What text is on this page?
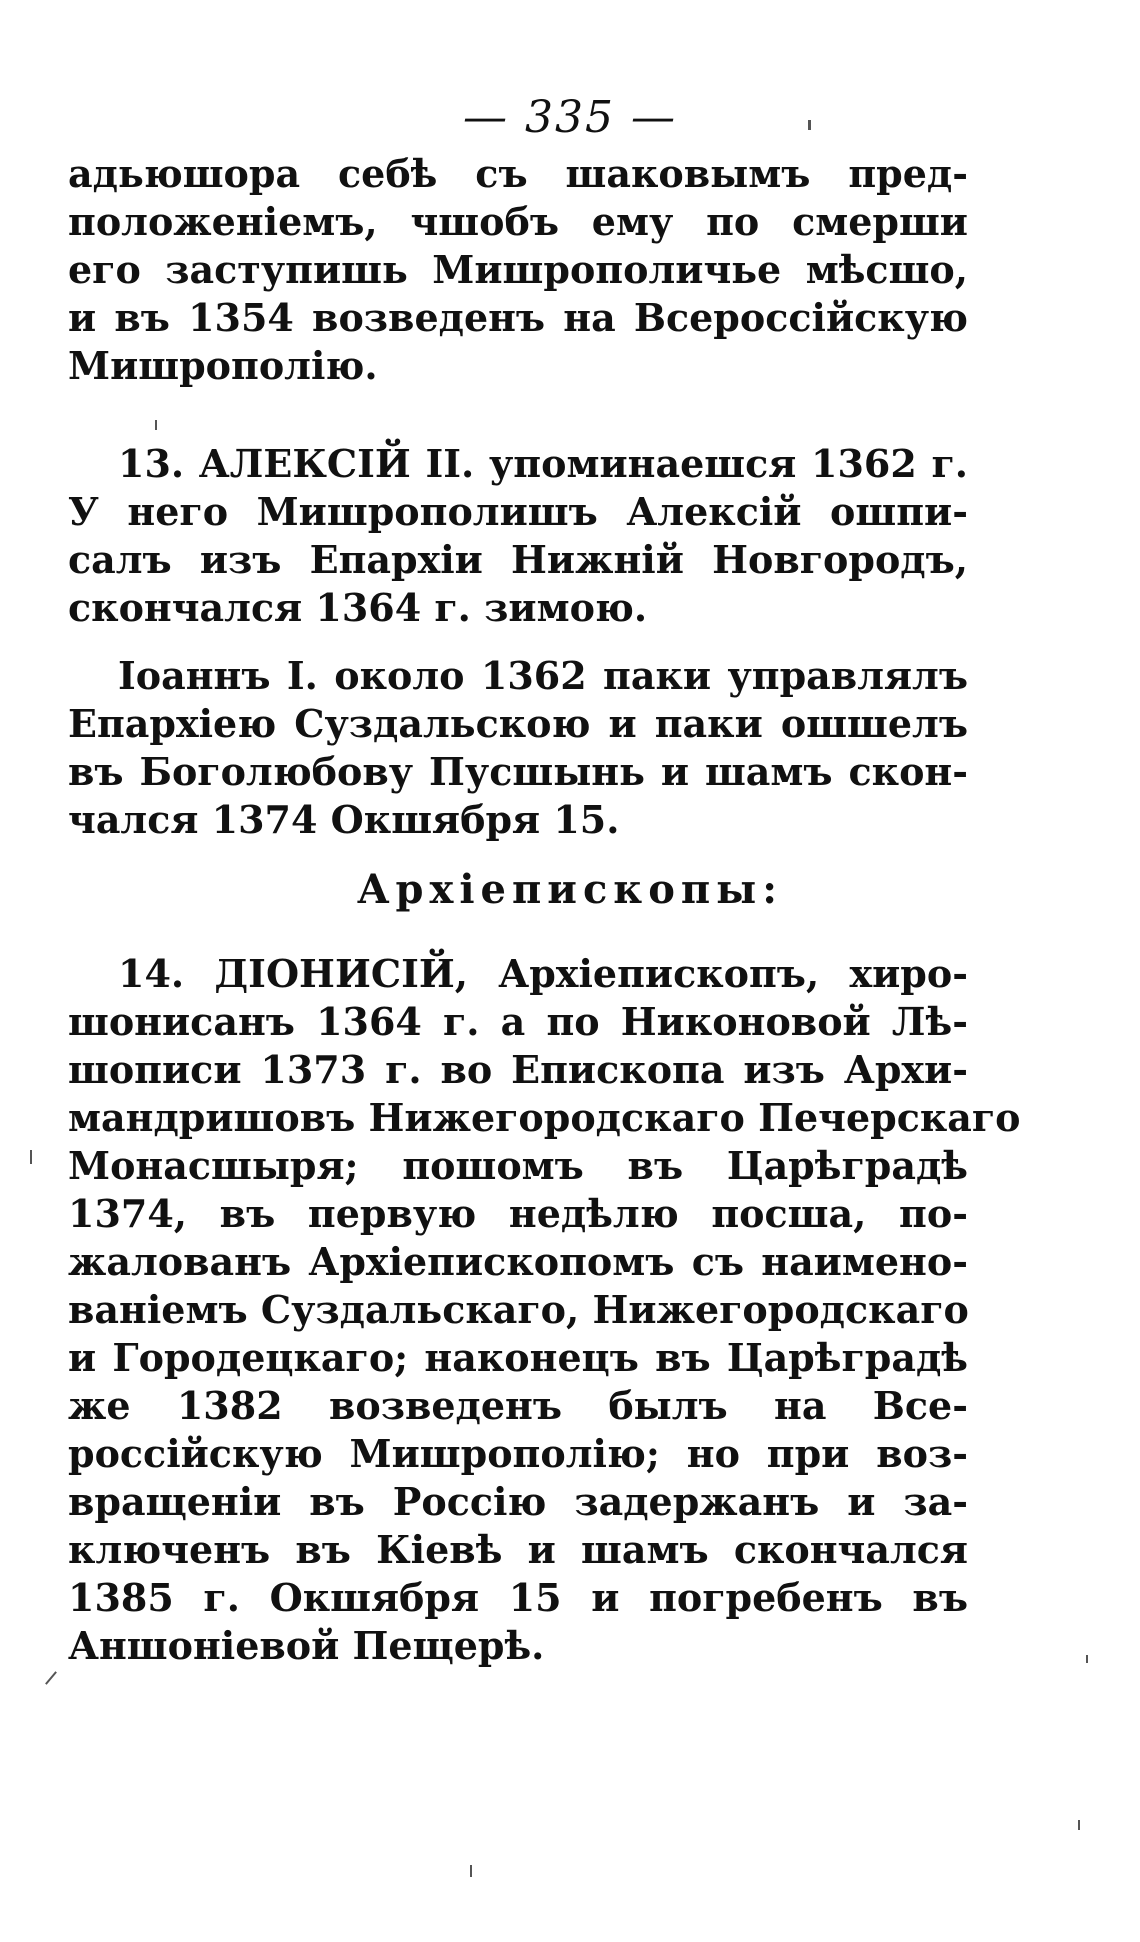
— 335 —
адьюшора себѣ съ шаковымъ пред-
положеніемъ, чшобъ ему по смерши
его заступишь Мишрополичье мѣсшо,
и въ 1354 возведенъ на Всероссійскую
Мишрополію.
13. АЛЕКСІЙ II. упоминаешся 1362 г.
У него Мишрополишъ Алексій ошпи-
салъ изъ Епархіи Нижній Новгородъ,
скончался 1364 г. зимою.
Іоаннъ I. около 1362 паки управлялъ
Епархіею Суздальскою и паки ошшелъ
въ Боголюбову Пусшынь и шамъ скон-
чался 1374 Окшября 15.
Архіепископы:
14. ДІОНИСІЙ, Архіепископъ, хиро-
шонисанъ 1364 г. а по Никоновой Лѣ-
шописи 1373 г. во Епископа изъ Архи-
мандришовъ Нижегородскаго Печерскаго
Монасшыря; пошомъ въ Царѣградѣ
1374, въ первую недѣлю посша, по-
жалованъ Архіепископомъ съ наимено-
ваніемъ Суздальскаго, Нижегородскаго
и Городецкаго; наконецъ въ Царѣградѣ
же 1382 возведенъ былъ на Все-
россійскую Мишрополію; но при воз-
вращеніи въ Россію задержанъ и за-
ключенъ въ Кіевѣ и шамъ скончался
1385 г. Окшября 15 и погребенъ въ
Аншоніевой Пещерѣ.
